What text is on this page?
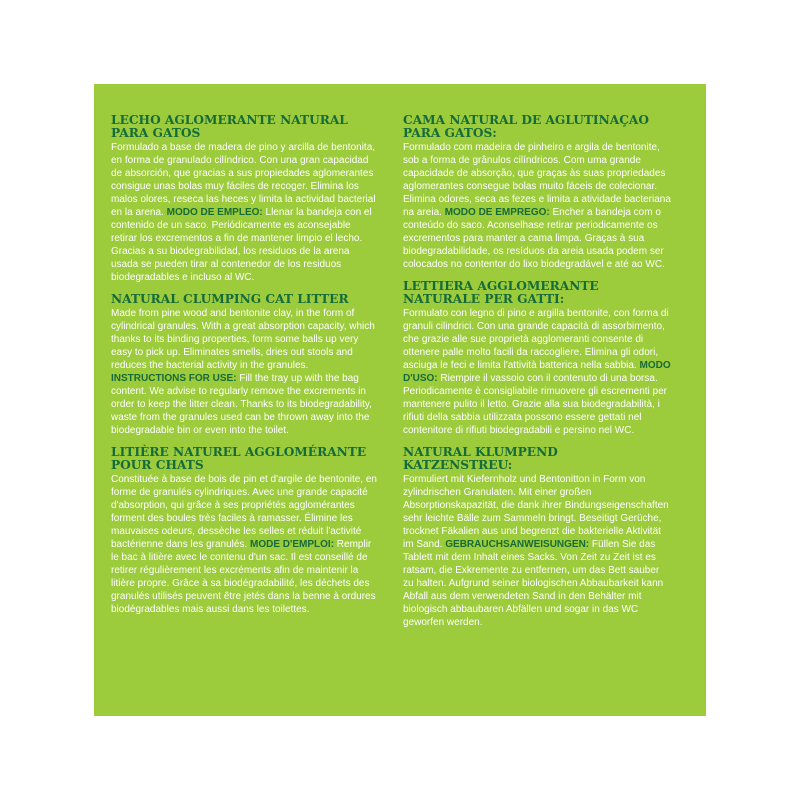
LECHO AGLOMERANTE NATURAL PARA GATOS

Formulado a base de madera de pino y arcilla de bentonita, en forma de granulado cilíndrico. Con una gran capacidad de absorción, que gracias a sus propiedades aglomerantes consigue unas bolas muy fáciles de recoger. Elimina los malos olores, reseca las heces y limita la actividad bacterial en la arena. MODO DE EMPLEO: Llenar la bandeja con el contenido de un saco. Periódicamente es aconsejable retirar los excrementos a fin de mantener limpio el lecho. Gracias a su biodegrabilidad, los residuos de la arena usada se pueden tirar al contenedor de los residuos biodegradables e incluso al WC.

NATURAL CLUMPING CAT LITTER

Made from pine wood and bentonite clay, in the form of cylindrical granules. With a great absorption capacity, which thanks to its binding properties, form some balls up very easy to pick up. Eliminates smells, dries out stools and reduces the bacterial activity in the granules. INSTRUCTIONS FOR USE: Fill the tray up with the bag content. We advise to regularly remove the excrements in order to keep the litter clean. Thanks to its biodegradability, waste from the granules used can be thrown away into the biodegradable bin or even into the toilet.

LITIÈRE NATUREL AGGLOMÉRANTE POUR CHATS

Constituée à base de bois de pin et d'argile de bentonite, en forme de granulés cylindriques. Avec une grande capacité d'absorption, qui grâce à ses propriétés agglomérantes forment des boules très faciles à ramasser. Élimine les mauvaises odeurs, dessèche les selles et réduit l'activité bactérienne dans les granulés. MODE D'EMPLOI: Remplir le bac à litière avec le contenu d'un sac. Il est conseillé de retirer régulièrement les excréments afin de maintenir la litière propre. Grâce à sa biodégradabilité, les déchets des granulés utilisés peuvent être jetés dans la benne à ordures biodégradables mais aussi dans les toilettes.

CAMA NATURAL DE AGLUTINAÇAO PARA GATOS:

Formulado com madeira de pinheiro e argila de bentonite, sob a forma de grânulos cilíndricos. Com uma grande capacidade de absorção, que graças às suas propriedades aglomerantes consegue bolas muito fáceis de colecionar. Elimina odores, seca as fezes e limita a atividade bacteriana na areia. MODO DE EMPREGO: Encher a bandeja com o conteúdo do saco. Aconselhase retirar periodicamente os excrementos para manter a cama limpa. Graças à sua biodegradabilidade, os resíduos da areia usada podem ser colocados no contentor do lixo biodegradável e até ao WC.

LETTIERA AGGLOMERANTE NATURALE PER GATTI:

Formulato con legno di pino e argilla bentonite, con forma di granuli cilindrici. Con una grande capacità di assorbimento, che grazie alle sue proprietà agglomeranti consente di ottenere palle molto facili da raccogliere. Elimina gli odori, asciuga le feci e limita l'attività batterica nella sabbia. MODO D'USO: Riempire il vassoio con il contenuto di una borsa. Periodicamente è consigliabile rimuovere gli escrementi per mantenere pulito il letto. Grazie alla sua biodegradabilità, i rifiuti della sabbia utilizzata possono essere gettati nel contenitore di rifiuti biodegradabili e persino nel WC.

NATURAL KLUMPEND KATZENSTREU:

Formuliert mit Kiefernholz und Bentonitton in Form von zylindrischen Granulaten. Mit einer großen Absorptionskapazität, die dank ihrer Bindungseigenschaften sehr leichte Bälle zum Sammeln bringt. Beseitigt Gerüche, trocknet Fäkalien aus und begrenzt die bakterielle Aktivität im Sand. GEBRAUCHSANWEISUNGEN: Füllen Sie das Tablett mit dem Inhalt eines Sacks. Von Zeit zu Zeit ist es ratsam, die Exkremente zu entfernen, um das Bett sauber zu halten. Aufgrund seiner biologischen Abbaubarkeit kann Abfall aus dem verwendeten Sand in den Behälter mit biologisch abbaubaren Abfällen und sogar in das WC geworfen werden.
